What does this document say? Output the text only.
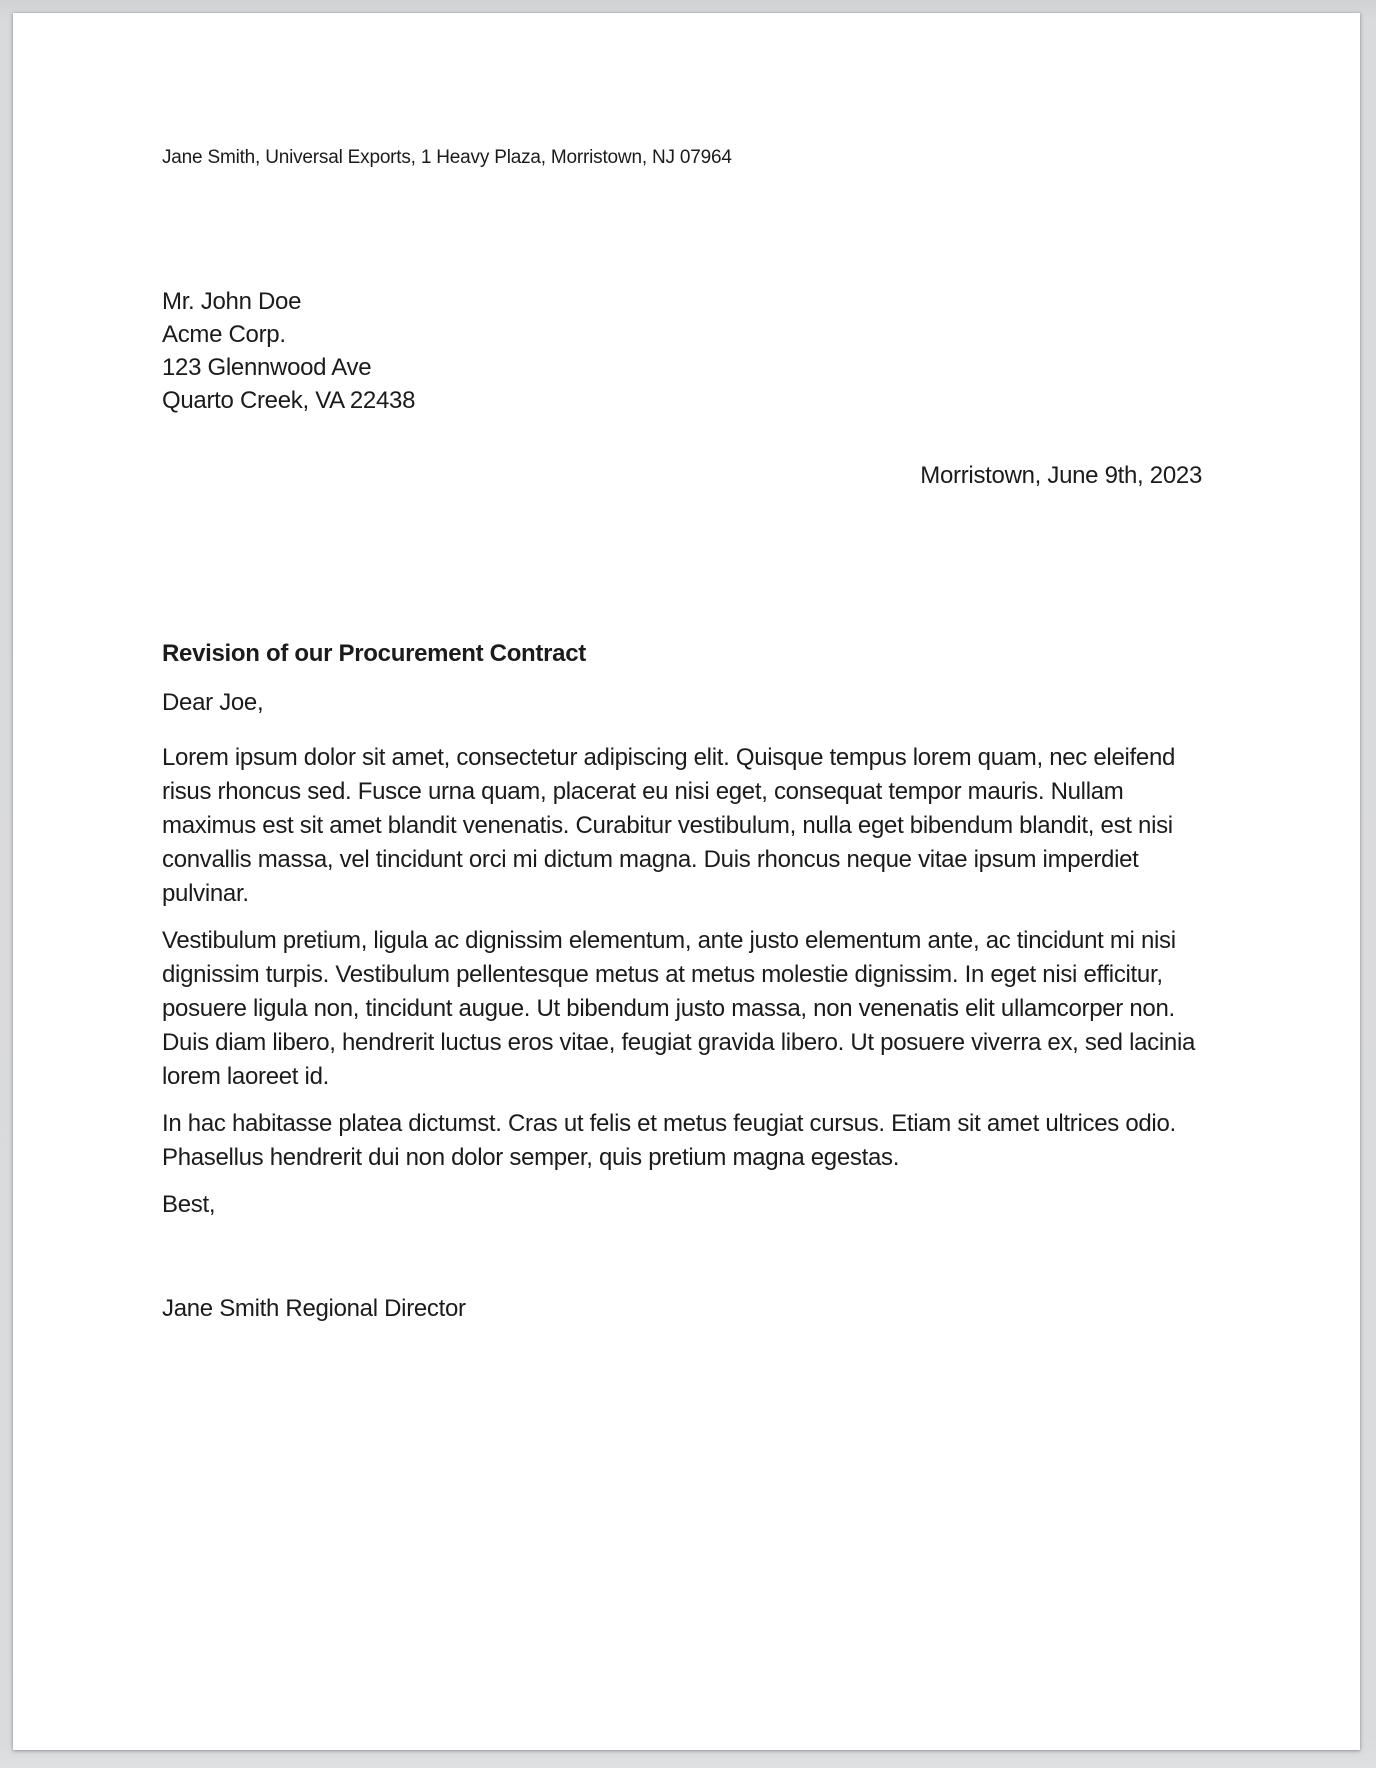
Jane Smith, Universal Exports, 1 Heavy Plaza, Morristown, NJ 07964
Mr. John Doe
Acme Corp.
123 Glennwood Ave
Quarto Creek, VA 22438
Morristown, June 9th, 2023

Revision of our Procurement Contract

Dear Joe,

Lorem ipsum dolor sit amet, consectetur adipiscing elit. Quisque tempus lorem quam, nec eleifend risus rhoncus sed. Fusce urna quam, placerat eu nisi eget, consequat tempor mauris. Nullam maximus est sit amet blandit venenatis. Curabitur vestibulum, nulla eget bibendum blandit, est nisi convallis massa, vel tincidunt orci mi dictum magna. Duis rhoncus neque vitae ipsum imperdiet pulvinar.

Vestibulum pretium, ligula ac dignissim elementum, ante justo elementum ante, ac tincidunt mi nisi dignissim turpis. Vestibulum pellentesque metus at metus molestie dignissim. In eget nisi efficitur, posuere ligula non, tincidunt augue. Ut bibendum justo massa, non venenatis elit ullamcorper non. Duis diam libero, hendrerit luctus eros vitae, feugiat gravida libero. Ut posuere viverra ex, sed lacinia lorem laoreet id.

In hac habitasse platea dictumst. Cras ut felis et metus feugiat cursus. Etiam sit amet ultrices odio. Phasellus hendrerit dui non dolor semper, quis pretium magna egestas.

Best,

Jane Smith Regional Director
